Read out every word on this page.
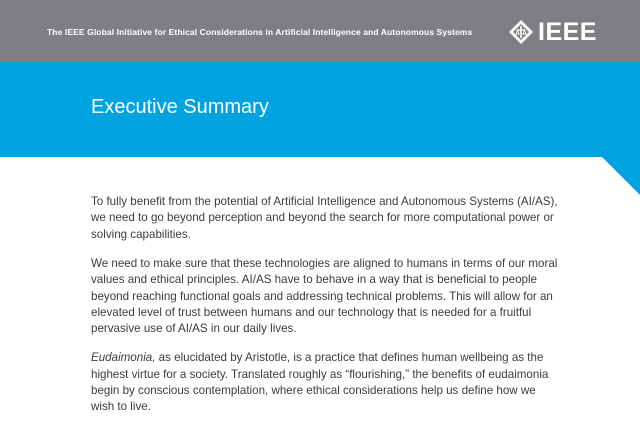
The IEEE Global Initiative for Ethical Considerations in Artificial Intelligence and Autonomous Systems	IEEE
Executive Summary

To fully benefit from the potential of Artificial Intelligence and Autonomous Systems (AI/AS), we need to go beyond perception and beyond the search for more computational power or solving capabilities.

We need to make sure that these technologies are aligned to humans in terms of our moral values and ethical principles. AI/AS have to behave in a way that is beneficial to people beyond reaching functional goals and addressing technical problems. This will allow for an elevated level of trust between humans and our technology that is needed for a fruitful pervasive use of AI/AS in our daily lives.

Eudaimonia, as elucidated by Aristotle, is a practice that defines human wellbeing as the highest virtue for a society. Translated roughly as “flourishing,” the benefits of eudaimonia begin by conscious contemplation, where ethical considerations help us define how we wish to live.
